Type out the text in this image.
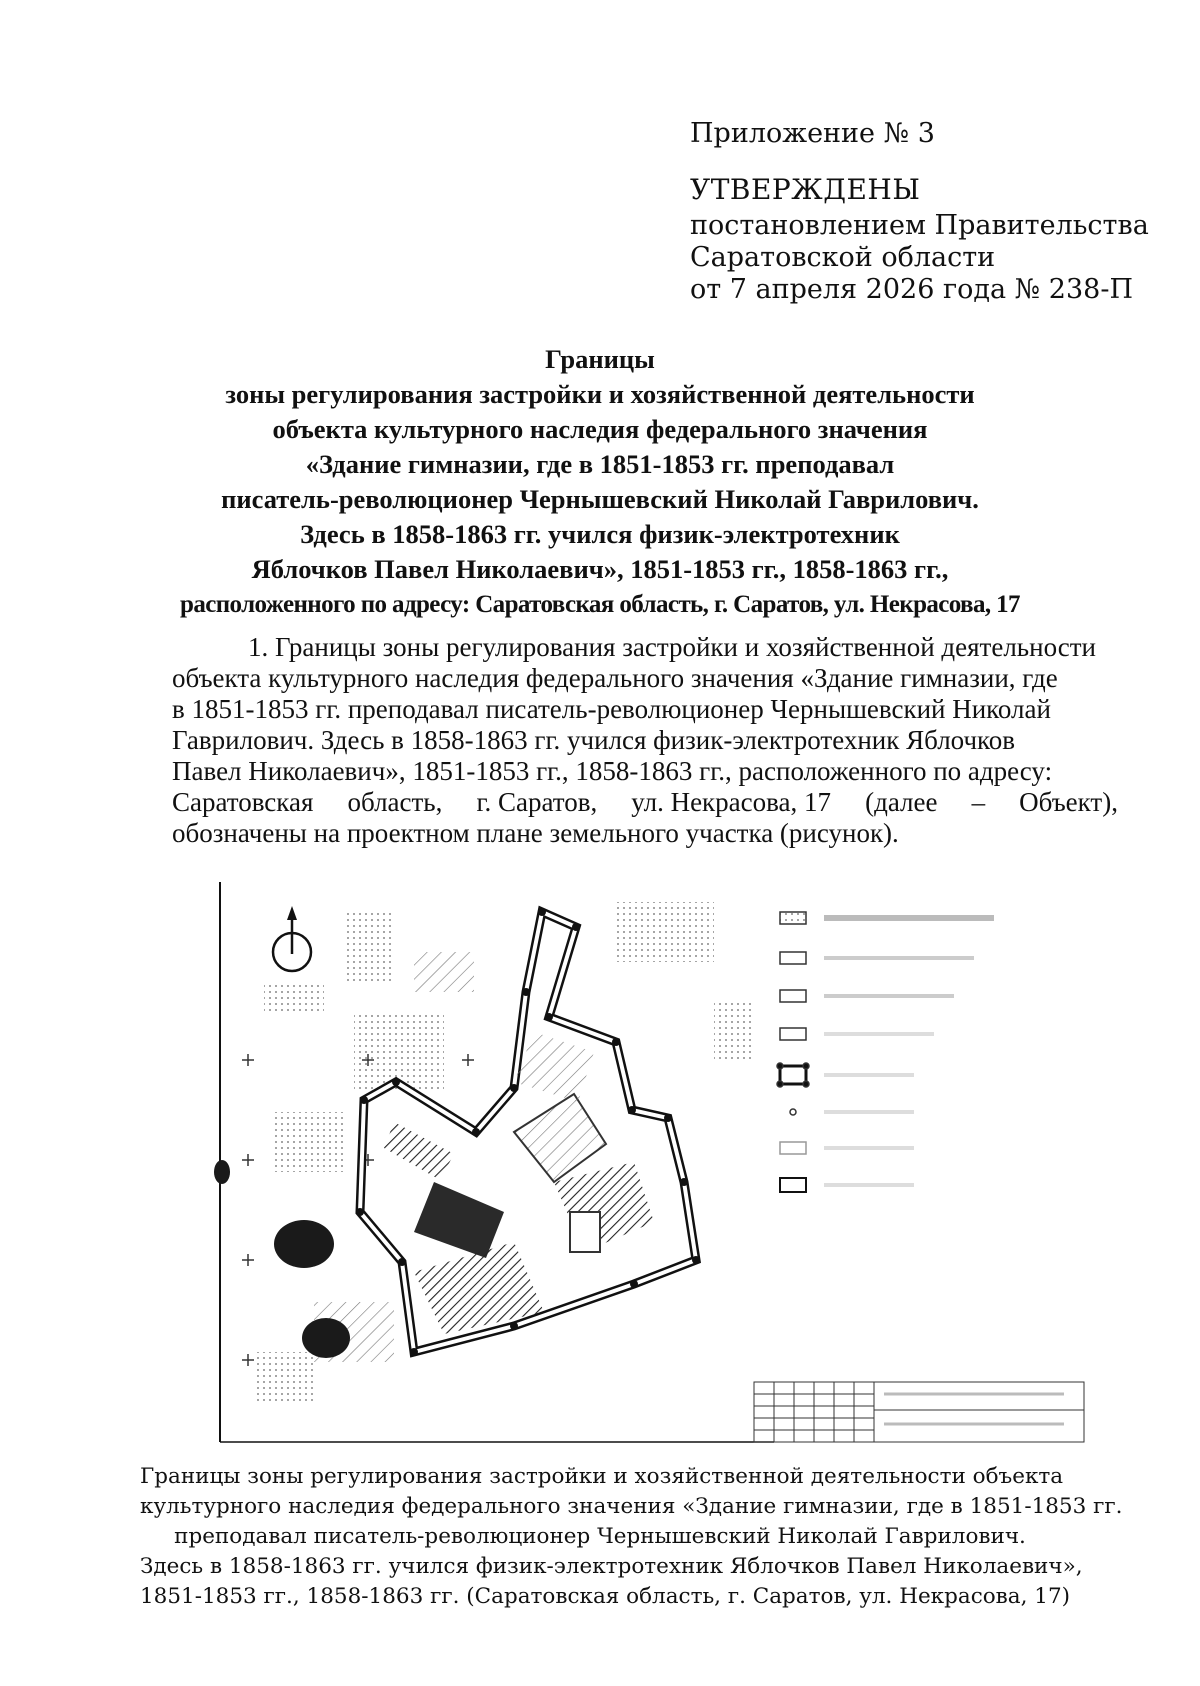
Приложение № 3
УТВЕРЖДЕНЫ
постановлением Правительства
Саратовской области
от 7 апреля 2026 года № 238-П
Границы
зоны регулирования застройки и хозяйственной деятельности
объекта культурного наследия федерального значения
«Здание гимназии, где в 1851-1853 гг. преподавал
писатель-революционер Чернышевский Николай Гаврилович.
Здесь в 1858-1863 гг. учился физик-электротехник
Яблочков Павел Николаевич», 1851-1853 гг., 1858-1863 гг.,
расположенного по адресу: Саратовская область, г. Саратов, ул. Некрасова, 17
1. Границы зоны регулирования застройки и хозяйственной деятельности
объекта культурного наследия федерального значения «Здание гимназии, где
в 1851-1853 гг. преподавал писатель-революционер Чернышевский Николай
Гаврилович. Здесь в 1858-1863 гг. учился физик-электротехник Яблочков
Павел Николаевич», 1851-1853 гг., 1858-1863 гг., расположенного по адресу:
Саратовская область, г. Саратов, ул. Некрасова, 17 (далее – Объект),
обозначены на проектном плане земельного участка (рисунок).
Границы зоны регулирования застройки и хозяйственной деятельности объекта
культурного наследия федерального значения «Здание гимназии, где в 1851-1853 гг.
преподавал писатель-революционер Чернышевский Николай Гаврилович.
Здесь в 1858-1863 гг. учился физик-электротехник Яблочков Павел Николаевич»,
1851-1853 гг., 1858-1863 гг. (Саратовская область, г. Саратов, ул. Некрасова, 17)
